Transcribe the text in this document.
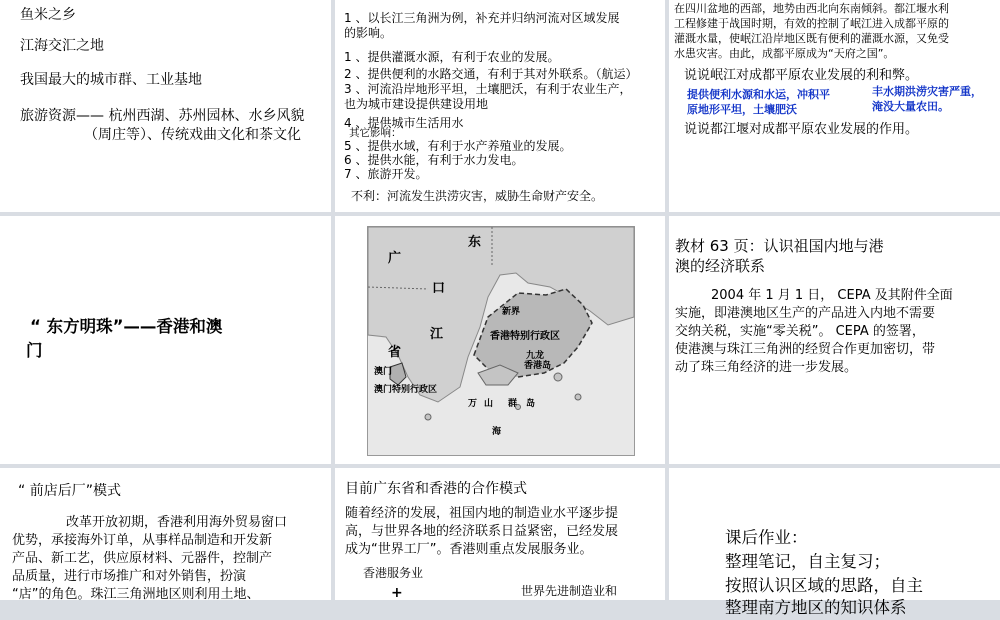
鱼米之乡

江海交汇之地

我国最大的城市群、工业基地

旅游资源—— 杭州西湖、苏州园林、水乡风貌

（周庄等）、传统戏曲文化和茶文化

1 、以长江三角洲为例，补充并归纳河流对区域发展

的影响。

1 、提供灌溉水源，有利于农业的发展。

2 、提供便利的水路交通，有利于其对外联系。（航运）

3 、河流沿岸地形平坦，土壤肥沃，有利于农业生产，

也为城市建设提供建设用地

4 、提供城市生活用水

其它影响：

5 、提供水域，有利于水产养殖业的发展。

6 、提供水能，有利于水力发电。

7 、旅游开发。

不利：河流发生洪涝灾害，威胁生命财产安全。

在四川盆地的西部，地势由西北向东南倾斜。都江堰水利

工程修建于战国时期，有效的控制了岷江进入成都平原的

灌溉水量，使岷江沿岸地区既有便利的灌溉水源，又免受

水患灾害。由此，成都平原成为“天府之国”。

说说岷江对成都平原农业发展的利和弊。

提供便利水源和水运，冲积平

原地形平坦，土壤肥沃

丰水期洪涝灾害严重，

淹没大量农田。

说说都江堰对成都平原农业发展的作用。

“ 东方明珠”——香港和澳

门

广
东
口
江
省
新界
香港特别行政区
九龙
香港岛
澳门
澳门特别行政区
万 山 群 岛
海

教材 63 页：认识祖国内地与港

澳的经济联系

2004 年 1 月 1 日， CEPA 及其附件全面

实施，即港澳地区生产的产品进入内地不需要

交纳关税，实施“零关税”。 CEPA 的签署，

使港澳与珠江三角洲的经贸合作更加密切，带

动了珠三角经济的进一步发展。

“ 前店后厂”模式

改革开放初期，香港利用海外贸易窗口

优势，承接海外订单，从事样品制造和开发新

产品、新工艺，供应原材料、元器件，控制产

品质量，进行市场推广和对外销售，扮演

“店”的角色。珠江三角洲地区则利用土地、

目前广东省和香港的合作模式

随着经济的发展，祖国内地的制造业水平逐步提

高，与世界各地的经济联系日益紧密，已经发展

成为“世界工厂”。香港则重点发展服务业。

香港服务业

+	世界先进制造业和

课后作业：

整理笔记，自主复习；

按照认识区域的思路，自主

整理南方地区的知识体系
